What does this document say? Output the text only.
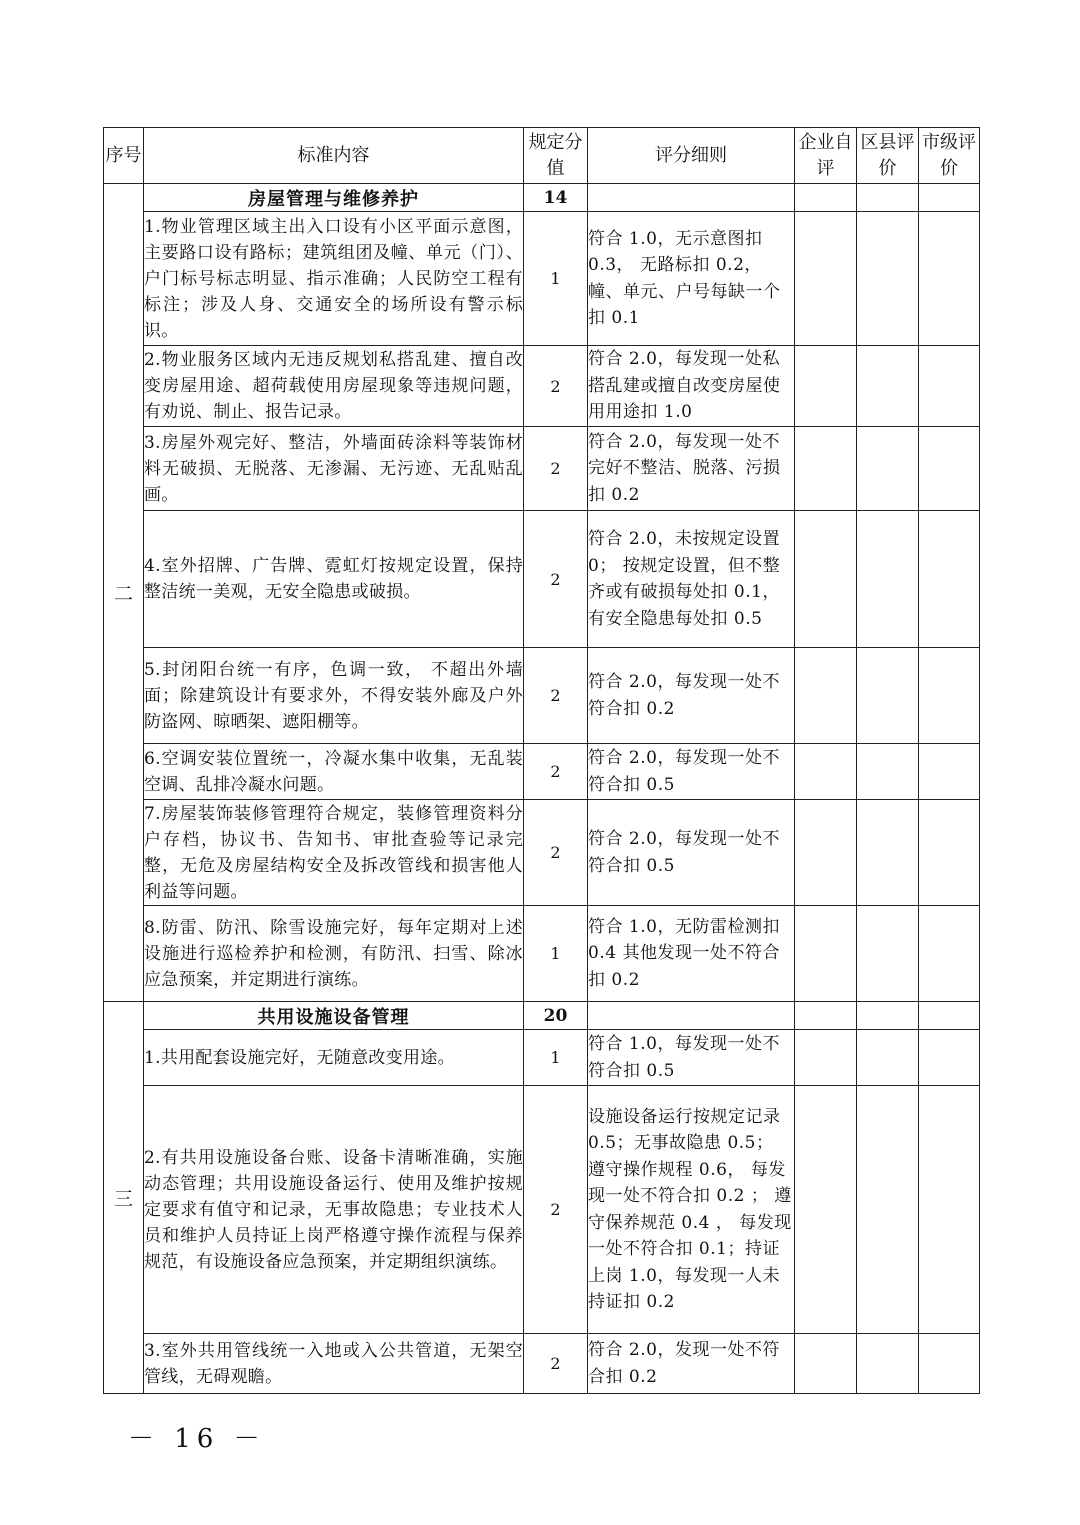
序号	标准内容	规定分值	评分细则	企业自评	区县评价	市级评价
二	房屋管理与维修养护	14				
	1.物业管理区域主出入口设有小区平面示意图， 主要路口设有路标；建筑组团及幢、单元（门）、户门标号标志明显、指示准确；人民防空工程有标注；涉及人身、交通安全的场所设有警示标识。	1	符合 1.0，无示意图扣 0.3， 无路标扣 0.2，幢、单元、户号每缺一个扣 0.1			
	2.物业服务区域内无违反规划私搭乱建、擅自改变房屋用途、超荷载使用房屋现象等违规问题，有劝说、制止、报告记录。	2	符合 2.0，每发现一处私搭乱建或擅自改变房屋使用用途扣 1.0			
	3.房屋外观完好、整洁，外墙面砖涂料等装饰材料无破损、无脱落、无渗漏、无污迹、无乱贴乱画。	2	符合 2.0，每发现一处不完好不整洁、脱落、污损扣 0.2			
	4.室外招牌、广告牌、霓虹灯按规定设置，保持整洁统一美观，无安全隐患或破损。	2	符合 2.0，未按规定设置 0； 按规定设置，但不整齐或有破损每处扣 0.1，有安全隐患每处扣 0.5			
	5.封闭阳台统一有序，色调一致， 不超出外墙面；除建筑设计有要求外，不得安装外廊及户外防盗网、晾晒架、遮阳棚等。	2	符合 2.0，每发现一处不符合扣 0.2			
	6.空调安装位置统一，冷凝水集中收集，无乱装空调、乱排冷凝水问题。	2	符合 2.0，每发现一处不符合扣 0.5			
	7.房屋装饰装修管理符合规定，装修管理资料分户存档，协议书、告知书、审批查验等记录完整，无危及房屋结构安全及拆改管线和损害他人利益等问题。	2	符合 2.0，每发现一处不符合扣 0.5			
	8.防雷、防汛、除雪设施完好，每年定期对上述设施进行巡检养护和检测，有防汛、扫雪、除冰应急预案，并定期进行演练。	1	符合 1.0，无防雷检测扣 0.4 其他发现一处不符合扣 0.2			
三	共用设施设备管理	20				
	1.共用配套设施完好，无随意改变用途。	1	符合 1.0，每发现一处不符合扣 0.5			
	2.有共用设施设备台账、设备卡清晰准确，实施动态管理；共用设施设备运行、使用及维护按规定要求有值守和记录，无事故隐患；专业技术人员和维护人员持证上岗严格遵守操作流程与保养规范，有设施设备应急预案，并定期组织演练。	2	设施设备运行按规定记录 0.5；无事故隐患 0.5； 遵守操作规程 0.6， 每发现一处不符合扣 0.2 ； 遵守保养规范 0.4 ， 每发现一处不符合扣 0.1；持证上岗 1.0，每发现一人未持证扣 0.2			
	3.室外共用管线统一入地或入公共管道，无架空管线，无碍观瞻。	2	符合 2.0，发现一处不符合扣 0.2			
－ 16 －
